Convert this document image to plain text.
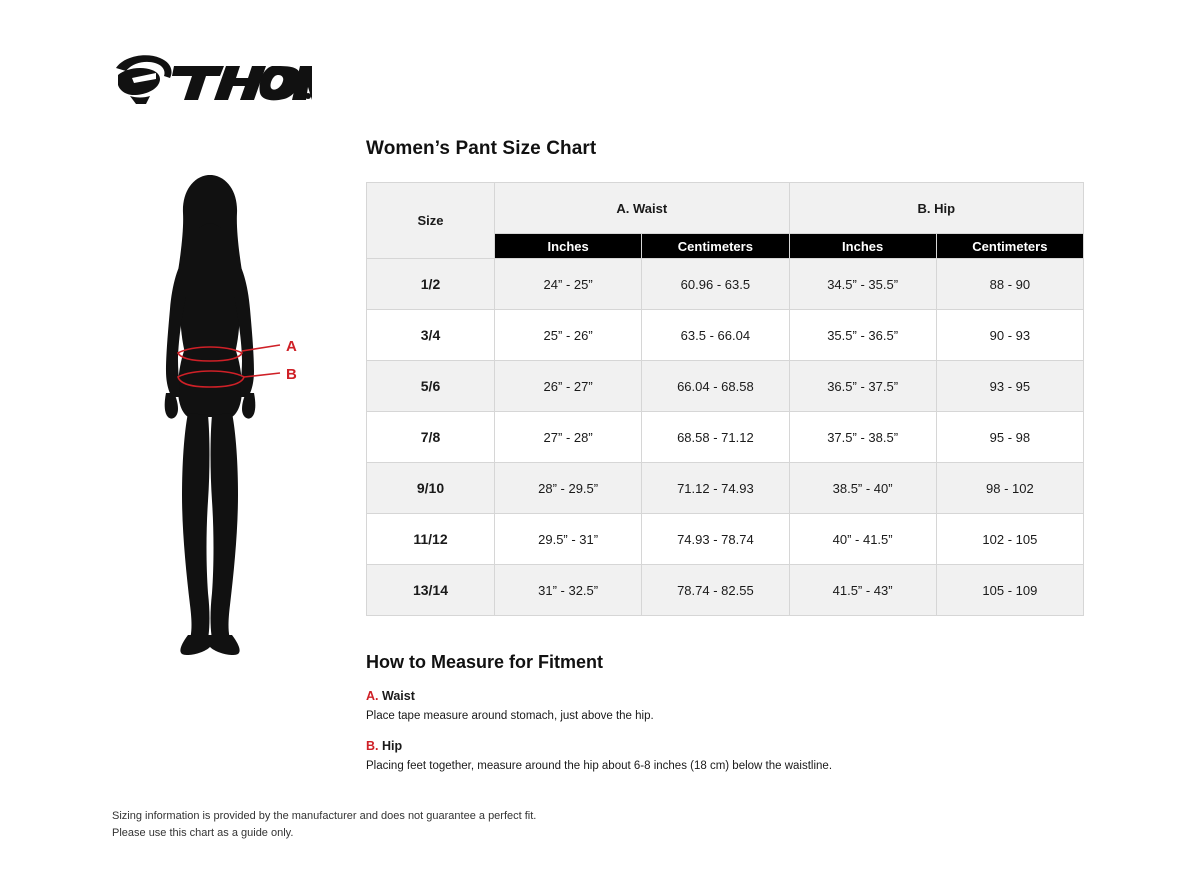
A
B
Women’s Pant Size Chart
Size	A. Waist		B. Hip	
	Inches	Centimeters	Inches	Centimeters
1/2	24” - 25”	60.96 - 63.5	34.5” - 35.5”	88 - 90
3/4	25” - 26”	63.5 - 66.04	35.5” - 36.5”	90 - 93
5/6	26” - 27”	66.04 - 68.58	36.5” - 37.5”	93 - 95
7/8	27” - 28”	68.58 - 71.12	37.5” - 38.5”	95 - 98
9/10	28” - 29.5”	71.12 - 74.93	38.5” - 40”	98 - 102
11/12	29.5” - 31”	74.93 - 78.74	40” - 41.5”	102 - 105
13/14	31” - 32.5”	78.74 - 82.55	41.5” - 43”	105 - 109
How to Measure for Fitment
A. Waist
Place tape measure around stomach, just above the hip.
B. Hip
Placing feet together, measure around the hip about 6-8 inches (18 cm) below the waistline.
Sizing information is provided by the manufacturer and does not guarantee a perfect fit.
Please use this chart as a guide only.
